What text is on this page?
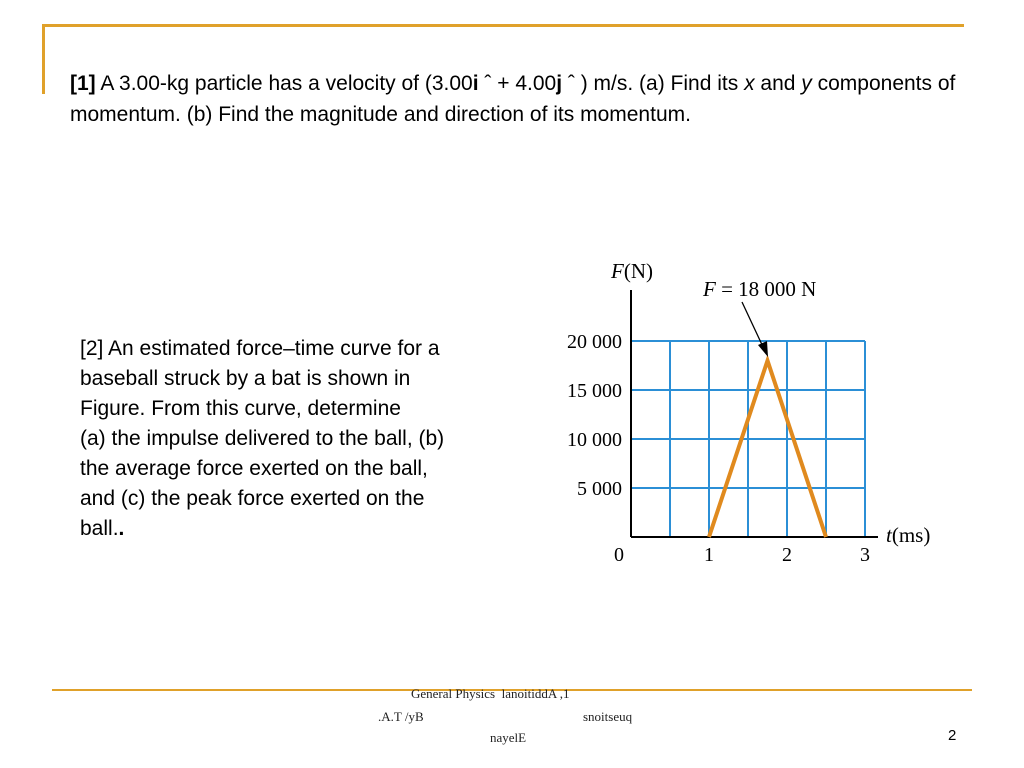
[1] A 3.00-kg particle has a velocity of (3.00i ˆ + 4.00j ˆ ) m/s. (a) Find its x and y components of momentum. (b) Find the magnitude and direction of its momentum.
[2] An estimated force–time curve for a
baseball struck by a bat is shown in
Figure. From this curve, determine
(a) the impulse delivered to the ball, (b)
the average force exerted on the ball,
and (c) the peak force exerted on the
ball..
F(N)
t(ms)
5 000
10 000
15 000
20 000
0	1	2	3
F = 18 000 N
General Physics  lanoitiddA ,1
.A.T /yB	snoitseuq
nayelE	2
